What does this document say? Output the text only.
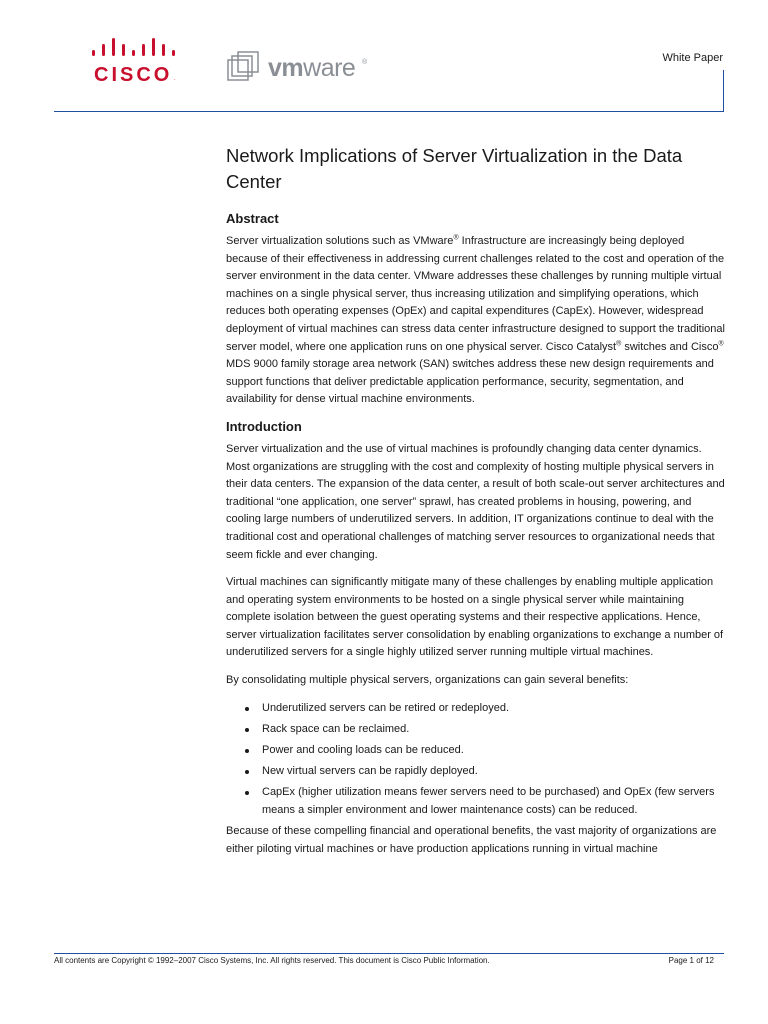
CISCO .	vmware ®	White Paper
Network Implications of Server Virtualization in the Data Center
Abstract

Server virtualization solutions such as VMware® Infrastructure are increasingly being deployed because of their effectiveness in addressing current challenges related to the cost and operation of the server environment in the data center. VMware addresses these challenges by running multiple virtual machines on a single physical server, thus increasing utilization and simplifying operations, which reduces both operating expenses (OpEx) and capital expenditures (CapEx). However, widespread deployment of virtual machines can stress data center infrastructure designed to support the traditional server model, where one application runs on one physical server. Cisco Catalyst® switches and Cisco® MDS 9000 family storage area network (SAN) switches address these new design requirements and support functions that deliver predictable application performance, security, segmentation, and availability for dense virtual machine environments.

Introduction

Server virtualization and the use of virtual machines is profoundly changing data center dynamics. Most organizations are struggling with the cost and complexity of hosting multiple physical servers in their data centers. The expansion of the data center, a result of both scale-out server architectures and traditional “one application, one server” sprawl, has created problems in housing, powering, and cooling large numbers of underutilized servers. In addition, IT organizations continue to deal with the traditional cost and operational challenges of matching server resources to organizational needs that seem fickle and ever changing.

Virtual machines can significantly mitigate many of these challenges by enabling multiple application and operating system environments to be hosted on a single physical server while maintaining complete isolation between the guest operating systems and their respective applications. Hence, server virtualization facilitates server consolidation by enabling organizations to exchange a number of underutilized servers for a single highly utilized server running multiple virtual machines.

By consolidating multiple physical servers, organizations can gain several benefits:

Underutilized servers can be retired or redeployed.
Rack space can be reclaimed.
Power and cooling loads can be reduced.
New virtual servers can be rapidly deployed.
CapEx (higher utilization means fewer servers need to be purchased) and OpEx (few servers means a simpler environment and lower maintenance costs) can be reduced.

Because of these compelling financial and operational benefits, the vast majority of organizations are either piloting virtual machines or have production applications running in virtual machine

All contents are Copyright © 1992–2007 Cisco Systems, Inc. All rights reserved. This document is Cisco Public Information.	Page 1 of 12
